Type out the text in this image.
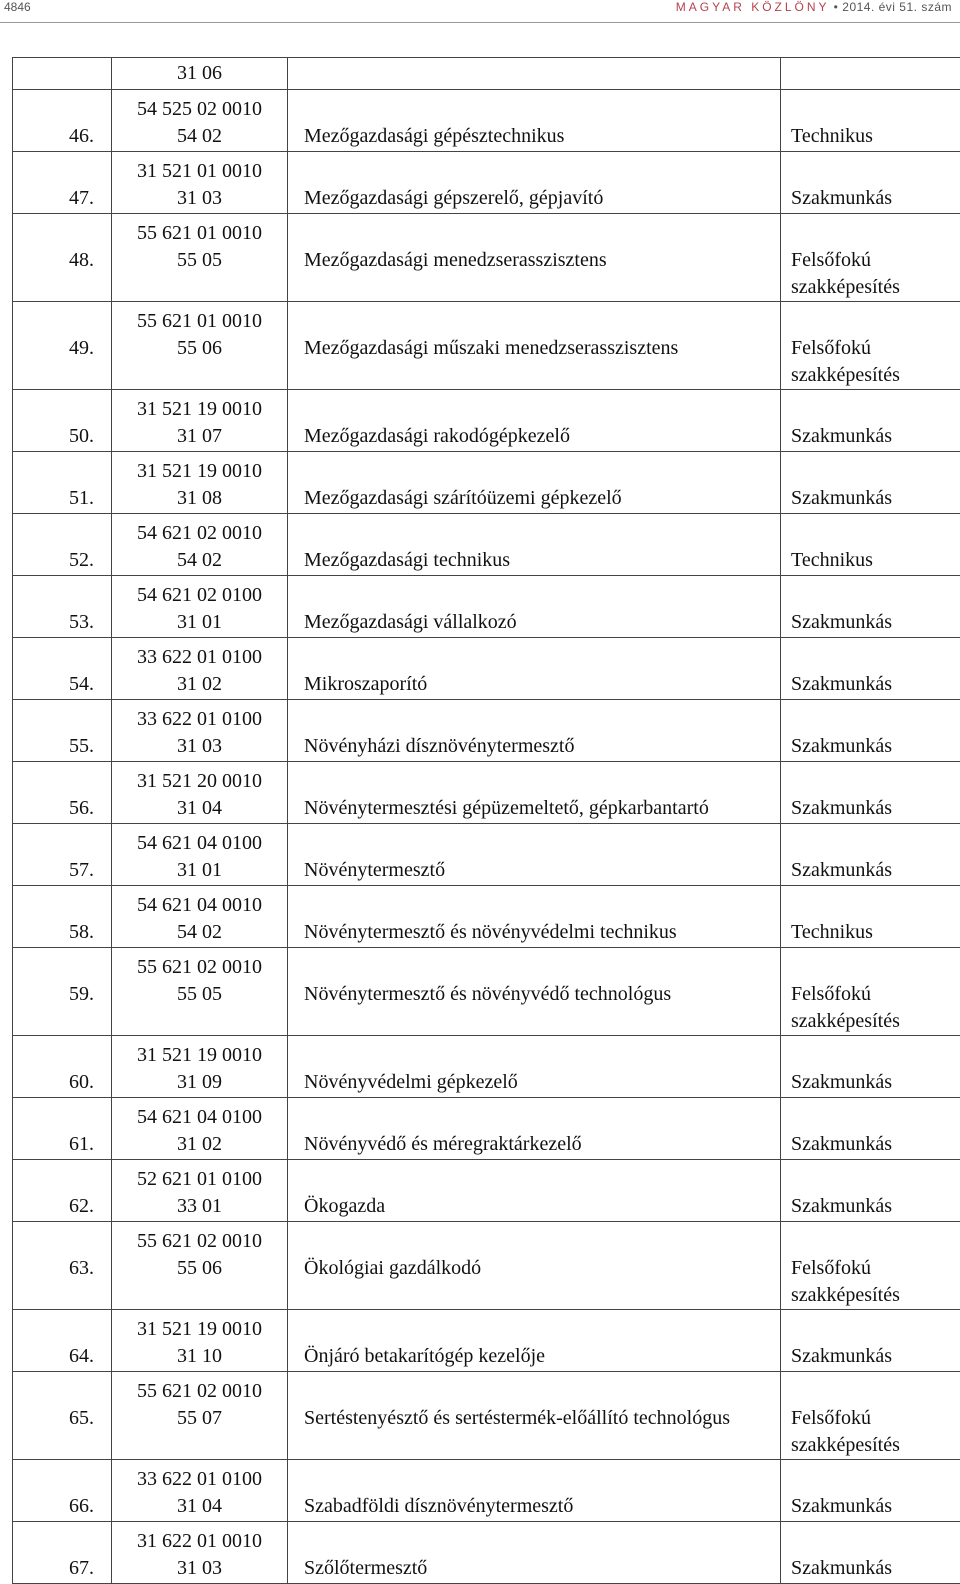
4846	MAGYAR KÖZLÖNY • 2014. évi 51. szám
	31 06		
46.	54 525 02 0010
54 02	Mezőgazdasági gépésztechnikus	Technikus
47.	31 521 01 0010
31 03	Mezőgazdasági gépszerelő, gépjavító	Szakmunkás
48.	55 621 01 0010
55 05	Mezőgazdasági menedzserasszisztens	Felsőfokú szakképesítés
49.	55 621 01 0010
55 06	Mezőgazdasági műszaki menedzserasszisztens	Felsőfokú szakképesítés
50.	31 521 19 0010
31 07	Mezőgazdasági rakodógépkezelő	Szakmunkás
51.	31 521 19 0010
31 08	Mezőgazdasági szárítóüzemi gépkezelő	Szakmunkás
52.	54 621 02 0010
54 02	Mezőgazdasági technikus	Technikus
53.	54 621 02 0100
31 01	Mezőgazdasági vállalkozó	Szakmunkás
54.	33 622 01 0100
31 02	Mikroszaporító	Szakmunkás
55.	33 622 01 0100
31 03	Növényházi dísznövénytermesztő	Szakmunkás
56.	31 521 20 0010
31 04	Növénytermesztési gépüzemeltető, gépkarbantartó	Szakmunkás
57.	54 621 04 0100
31 01	Növénytermesztő	Szakmunkás
58.	54 621 04 0010
54 02	Növénytermesztő és növényvédelmi technikus	Technikus
59.	55 621 02 0010
55 05	Növénytermesztő és növényvédő technológus	Felsőfokú szakképesítés
60.	31 521 19 0010
31 09	Növényvédelmi gépkezelő	Szakmunkás
61.	54 621 04 0100
31 02	Növényvédő és méregraktárkezelő	Szakmunkás
62.	52 621 01 0100
33 01	Ökogazda	Szakmunkás
63.	55 621 02 0010
55 06	Ökológiai gazdálkodó	Felsőfokú szakképesítés
64.	31 521 19 0010
31 10	Önjáró betakarítógép kezelője	Szakmunkás
65.	55 621 02 0010
55 07	Sertéstenyésztő és sertéstermék-előállító technológus	Felsőfokú szakképesítés
66.	33 622 01 0100
31 04	Szabadföldi dísznövénytermesztő	Szakmunkás
67.	31 622 01 0010
31 03	Szőlőtermesztő	Szakmunkás
